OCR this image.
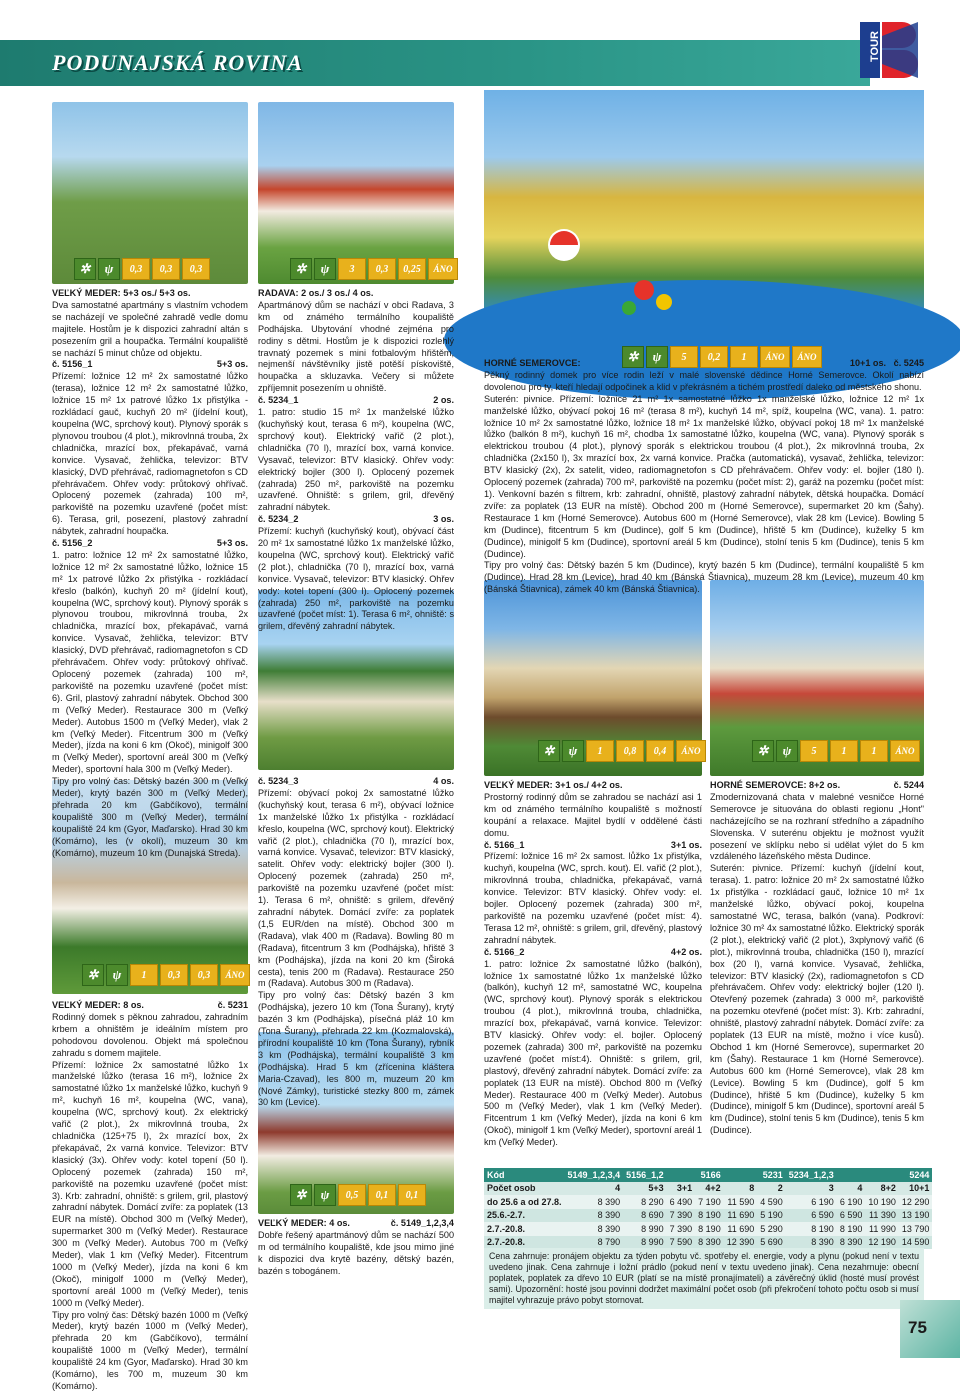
PODUNAJSKÁ ROVINA
TOUR
✲	ψ	0,3	0,3	0,3	✲	ψ	3	0,3	0,25	ÁNO
✲	ψ	5	0,2	1	ÁNO	ÁNO
✲	ψ	1	0,3	0,3	ÁNO
✲	ψ	0,5	0,1	0,1
✲	ψ	1	0,8	0,4	ÁNO	✲	ψ	5	1	1	ÁNO

VEĽKÝ MEDER: 5+3 os./ 5+3 os.

Dva samostatné apartmány s vlastním vchodem se nacházejí ve společné zahradě vedle domu majitele. Hostům je k dispozici zahradní altán s posezením gril a houpačka. Termální koupaliště se nachází 5 minut chůze od objektu.

č. 5156_1	5+3 os.

Přízemí: ložnice 12 m² 2x samostatné lůžko (terasa), ložnice 12 m² 2x samostatné lůžko, ložnice 15 m² 1x patrové lůžko 1x přistýlka - rozkládací gauč, kuchyň 20 m² (jídelní kout), koupelna (WC, sprchový kout). Plynový sporák s plynovou troubou (4 plot.), mikrovlnná trouba, 2x chladnička, mrazící box, překapávač, varná konvice. Vysavač, žehlička, televizor: BTV klasický, DVD přehrávač, radiomagnetofon s CD přehrávačem. Ohřev vody: průtokový ohřívač. Oplocený pozemek (zahrada) 100 m², parkoviště na pozemku uzavřené (počet míst: 6). Terasa, gril, posezení, plastový zahradní nábytek, zahradní houpačka.

č. 5156_2	5+3 os.

1. patro: ložnice 12 m² 2x samostatné lůžko, ložnice 12 m² 2x samostatné lůžko, ložnice 15 m² 1x patrové lůžko 2x přistýlka - rozkládací křeslo (balkón), kuchyň 20 m² (jídelní kout), koupelna (WC, sprchový kout). Plynový sporák s plynovou troubou, mikrovlnná trouba, 2x chladnička, mrazící box, překapávač, varná konvice. Vysavač, žehlička, televizor: BTV klasický, DVD přehrávač, radiomagnetofon s CD přehrávačem. Ohřev vody: průtokový ohřívač. Oplocený pozemek (zahrada) 100 m², parkoviště na pozemku uzavřené (počet míst: 6). Gril, plastový zahradní nábytek. Obchod 300 m (Veľký Meder). Restaurace 300 m (Veľký Meder). Autobus 1500 m (Veľký Meder), vlak 2 km (Veľký Meder). Fitcentrum 300 m (Veľký Meder), jízda na koni 6 km (Okoč), minigolf 300 m (Veľký Meder), sportovní areál 300 m (Veľký Meder), sportovní hala 300 m (Veľký Meder).

Tipy pro volný čas: Dětský bazén 300 m (Veľký Meder), krytý bazén 300 m (Veľký Meder), přehrada 20 km (Gabčíkovo), termální koupaliště 300 m (Veľký Meder), termální koupaliště 24 km (Gyor, Maďarsko). Hrad 30 km (Komárno), les (v okolí), muzeum 30 km (Komárno), muzeum 10 km (Dunajská Streda).

VEĽKÝ MEDER: 8 os.	č. 5231

Rodinný domek s pěknou zahradou, zahradním krbem a ohništěm je ideálním místem pro pohodovou dovolenou. Objekt má společnou zahradu s domem majitele.

Přízemí: ložnice 2x samostatné lůžko 1x manželské lůžko (terasa 16 m²), ložnice 2x samostatné lůžko 1x manželské lůžko, kuchyň 9 m², kuchyň 16 m², koupelna (WC, vana), koupelna (WC, sprchový kout). 2x elektrický vařič (2 plot.), 2x mikrovlnná trouba, 2x chladnička (125+75 l), 2x mrazící box, 2x překapávač, 2x varná konvice. Televizor: BTV klasický (3x). Ohřev vody: kotel topení (50 l). Oplocený pozemek (zahrada) 150 m², parkoviště na pozemku uzavřené (počet míst: 3). Krb: zahradní, ohniště: s grilem, gril, plastový zahradní nábytek. Domácí zvíře: za poplatek (13 EUR na místě). Obchod 300 m (Veľký Meder), supermarket 300 m (Veľký Meder). Restaurace 300 m (Veľký Meder). Autobus 700 m (Veľký Meder), vlak 1 km (Veľký Meder). Fitcentrum 1000 m (Veľký Meder), jízda na koni 6 km (Okoč), minigolf 1000 m (Veľký Meder), sportovní areál 1000 m (Veľký Meder), tenis 1000 m (Veľký Meder).

Tipy pro volný čas: Dětský bazén 1000 m (Veľký Meder), krytý bazén 1000 m (Veľký Meder), přehrada 20 km (Gabčíkovo), termální koupaliště 1000 m (Veľký Meder), termální koupaliště 24 km (Gyor, Maďarsko). Hrad 30 km (Komárno), les 700 m, muzeum 30 km (Komárno).

RADAVA: 2 os./ 3 os./ 4 os.

Apartmánový dům se nachází v obci Radava, 3 km od známého termálního koupaliště Podhájska. Ubytování vhodné zejména pro rodiny s dětmi. Hostům je k dispozici rozlehlý travnatý pozemek s mini fotbalovým hřištěm, nejmenší návštěvníky jistě potěší pískoviště, houpačka a skluzavka. Večery si můžete zpříjemnit posezením u ohniště.

č. 5234_1	2 os.

1. patro: studio 15 m² 1x manželské lůžko (kuchyňský kout, terasa 6 m²), koupelna (WC, sprchový kout). Elektrický vařič (2 plot.), chladnička (70 l), mrazící box, varná konvice. Vysavač, televizor: BTV klasický. Ohřev vody: elektrický bojler (300 l). Oplocený pozemek (zahrada) 250 m², parkoviště na pozemku uzavřené. Ohniště: s grilem, gril, dřevěný zahradní nábytek.

č. 5234_2	3 os.

Přízemí: kuchyň (kuchyňský kout), obývací část 20 m² 1x samostatné lůžko 1x manželské lůžko, koupelna (WC, sprchový kout). Elektrický vařič (2 plot.), chladnička (70 l), mrazící box, varná konvice. Vysavač, televizor: BTV klasický. Ohřev vody: kotel topení (300 l). Oplocený pozemek (zahrada) 250 m², parkoviště na pozemku uzavřené (počet míst: 1). Terasa 6 m², ohniště: s grilem, dřevěný zahradní nábytek.

č. 5234_3	4 os.

Přízemí: obývací pokoj 2x samostatné lůžko (kuchyňský kout, terasa 6 m²), obývací ložnice 1x manželské lůžko 1x přistýlka - rozkládací křeslo, koupelna (WC, sprchový kout). Elektrický vařič (2 plot.), chladnička (70 l), mrazící box, varná konvice. Vysavač, televizor: BTV klasický, satelit. Ohřev vody: elektrický bojler (300 l). Oplocený pozemek (zahrada) 250 m², parkoviště na pozemku uzavřené (počet míst: 1). Terasa 6 m², ohniště: s grilem, dřevěný zahradní nábytek. Domácí zvíře: za poplatek (1,5 EUR/den na místě). Obchod 300 m (Radava), vlak 400 m (Radava). Bowling 80 m (Radava), fitcentrum 3 km (Podhájska), hřiště 3 km (Podhájska), jízda na koni 20 km (Široká cesta), tenis 200 m (Radava). Restaurace 250 m (Radava). Autobus 300 m (Radava).

Tipy pro volný čas: Dětský bazén 3 km (Podhájska), jezero 10 km (Tona Šurany), krytý bazén 3 km (Podhájska), písečná pláž 10 km (Tona Šurany), přehrada 22 km (Kozmalovská), přírodní koupaliště 10 km (Tona Šurany), rybník 3 km (Podhájska), termální koupaliště 3 km (Podhájska). Hrad 5 km (zřícenina kláštera Maria-Czavad), les 800 m, muzeum 20 km (Nové Zámky), turistické stezky 800 m, zámek 30 km (Levice).

VEĽKÝ MEDER: 4 os.	č. 5149_1,2,3,4

Dobře řešený apartmánový dům se nachází 500 m od termálního koupaliště, kde jsou mimo jiné k dispozici dva krytě bazény, dětský bazén, bazén s tobogánem.

HORNÉ SEMEROVCE:	10+1 os. č. 5245

Pěkný rodinný domek pro více rodin leží v malé slovenské dědince Horné Semerovce. Okolí nabízí dovolenou pro ty, kteří hledají odpočinek a klid v překrásném a tichém prostředí daleko od městského shonu.

Suterén: pivnice. Přízemí: ložnice 21 m² 1x samostatné lůžko 1x manželské lůžko, ložnice 12 m² 1x manželské lůžko, obývací pokoj 16 m² (terasa 8 m²), kuchyň 14 m², spíž, koupelna (WC, vana). 1. patro: ložnice 10 m² 2x samostatné lůžko, ložnice 18 m² 1x manželské lůžko, obývací pokoj 18 m² 1x manželské lůžko (balkón 8 m²), kuchyň 16 m², chodba 1x samostatné lůžko, koupelna (WC, vana). Plynový sporák s elektrickou troubou (4 plot.), plynový sporák s elektrickou troubou (4 plot.), 2x mikrovlnná trouba, 2x chladnička (2x150 l), 3x mrazící box, 2x varná konvice. Pračka (automatická), vysavač, žehlička, televizor: BTV klasický (2x), 2x satelit, video, radiomagnetofon s CD přehrávačem. Ohřev vody: el. bojler (180 l). Oplocený pozemek (zahrada) 700 m², parkoviště na pozemku (počet míst: 2), garáž na pozemku (počet míst: 1). Venkovní bazén s filtrem, krb: zahradní, ohniště, plastový zahradní nábytek, dětská houpačka. Domácí zvíře: za poplatek (13 EUR na místě). Obchod 200 m (Horné Semerovce), supermarket 20 km (Šahy). Restaurace 1 km (Horné Semerovce). Autobus 600 m (Horné Semerovce), vlak 28 km (Levice). Bowling 5 km (Dudince), fitcentrum 5 km (Dudince), golf 5 km (Dudince), hřiště 5 km (Dudince), kuželky 5 km (Dudince), minigolf 5 km (Dudince), sportovní areál 5 km (Dudince), stolní tenis 5 km (Dudince), tenis 5 km (Dudince).

Tipy pro volný čas: Dětský bazén 5 km (Dudince), krytý bazén 5 km (Dudince), termální koupaliště 5 km (Dudince). Hrad 28 km (Levice), hrad 40 km (Bánská Štiavnica), muzeum 28 km (Levice), muzeum 40 km (Bánská Štiavnica), zámek 40 km (Bánská Štiavnica).

VEĽKÝ MEDER: 3+1 os./ 4+2 os.

Prostorný rodinný dům se zahradou se nachází asi 1 km od známého termálního koupaliště s možností koupání a relaxace. Majitel bydlí v oddělené části domu.

č. 5166_1	3+1 os.

Přízemí: ložnice 16 m² 2x samost. lůžko 1x přistýlka, kuchyň, koupelna (WC, sprch. kout). El. vařič (2 plot.), mikrovlnná trouba, chladnička, překapávač, varná konvice. Televizor: BTV klasický. Ohřev vody: el. bojler. Oplocený pozemek (zahrada) 300 m², parkoviště na pozemku uzavřené (počet míst: 4). Terasa 12 m², ohniště: s grilem, gril, dřevěný, plastový zahradní nábytek.

č. 5166_2	4+2 os.

1. patro: ložnice 2x samostatné lůžko (balkón), ložnice 1x samostatné lůžko 1x manželské lůžko (balkón), kuchyň 12 m², samostatné WC, koupelna (WC, sprchový kout). Plynový sporák s elektrickou troubou (4 plot.), mikrovlnná trouba, chladnička, mrazící box, překapávač, varná konvice. Televizor: BTV klasický. Ohřev vody: el. bojler. Oplocený pozemek (zahrada) 300 m², parkoviště na pozemku uzavřené (počet míst:4). Ohniště: s grilem, gril, plastový, dřevěný zahradní nábytek. Domácí zvíře: za poplatek (13 EUR na místě). Obchod 800 m (Veľký Meder). Restaurace 400 m (Veľký Meder). Autobus 500 m (Veľký Meder), vlak 1 km (Veľký Meder). Fitcentrum 1 km (Veľký Meder), jízda na koni 6 km (Okoč), minigolf 1 km (Veľký Meder), sportovní areál 1 km (Veľký Meder).

HORNÉ SEMEROVCE: 8+2 os.	č. 5244

Zmodernizovaná chata v malebné vesničce Horné Semerovce je situována do oblasti regionu „Hont" nacházejícího se na rozhraní středního a západního Slovenska. V suterénu objektu je možnost využít posezení ve sklípku nebo si udělat výlet do 5 km vzdáleného lázeňského města Dudince.

Suterén: pivnice. Přízemí: kuchyň (jídelní kout, terasa). 1. patro: ložnice 20 m² 2x samostatné lůžko 1x přistýlka - rozkládací gauč, ložnice 10 m² 1x manželské lůžko, obývací pokoj, koupelna samostatné WC, terasa, balkón (vana). Podkroví: ložnice 30 m² 4x samostatné lůžko. Elektrický sporák (2 plot.), elektrický vařič (2 plot.), 3xplynový vařič (6 plot.), mikrovlnná trouba, chladnička (150 l), mrazící box (20 l), varná konvice. Vysavač, žehlička, televizor: BTV klasický (2x), radiomagnetofon s CD přehrávačem. Ohřev vody: elektrický bojler (120 l). Otevřený pozemek (zahrada) 3 000 m², parkoviště na pozemku otevřené (počet míst: 3). Krb: zahradní, ohniště, plastový zahradní nábytek. Domácí zvíře: za poplatek (13 EUR na místě, možno i více kusů). Obchod 1 km (Horné Semerovce), supermarket 20 km (Šahy). Restaurace 1 km (Horné Semerovce). Autobus 600 km (Horné Semerovce), vlak 28 km (Levice). Bowling 5 km (Dudince), golf 5 km (Dudince), hřiště 5 km (Dudince), kuželky 5 km (Dudince), minigolf 5 km (Dudince), sportovní areál 5 km (Dudince), stolní tenis 5 km (Dudince), tenis 5 km (Dudince).

Kód	5149_1,2,3,4	5156_1,2		5166		5231	5234_1,2,3			5244
Počet osob	4	5+3	3+1	4+2	8	2	3	4	8+2	10+1
do 25.6 a od 27.8.	8 390	8 290	6 490	7 190	11 590	4 590	6 190	6 190	10 190	12 290
25.6.-2.7.	8 390	8 690	7 390	8 190	11 690	5 190	6 590	6 590	11 390	13 190
2.7.-20.8.	8 390	8 990	7 390	8 190	11 690	5 290	8 190	8 190	11 990	13 790
2.7.-20.8.	8 790	8 990	7 590	8 390	12 390	5 690	8 390	8 390	12 190	14 590
Cena zahrnuje: pronájem objektu za týden pobytu vč. spotřeby el. energie, vody a plynu (pokud není v textu uvedeno jinak. Cena zahrnuje i ložní prádlo (pokud není v textu uvedeno jinak). Cena nezahrnuje: obecní poplatek, poplatek za dřevo 10 EUR (platí se na místě pronajímateli) a závěrečný úklid (hosté musí provést sami). Upozornění: hosté jsou povinni dodržet maximální počet osob (při překročení tohoto počtu osob si musí majitel vyhrazuje právo pobyt stornovat.

75
